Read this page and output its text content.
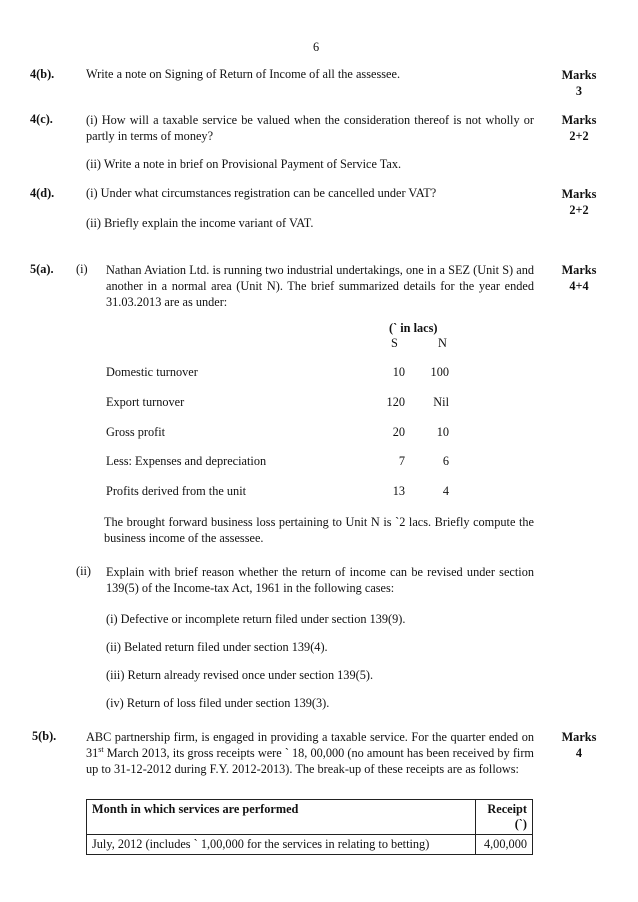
6
4(b).	Write a note on Signing of Return of Income of all the assessee.	Marks
3
4(c).	(i) How will a taxable service be valued when the consideration thereof is not wholly or partly in terms of money?
(ii) Write a note in brief on Provisional Payment of Service Tax.
Marks
2+2
4(d).	(i) Under what circumstances registration can be cancelled under VAT?
(ii) Briefly explain the income variant of VAT.
Marks
2+2
5(a). (i) Nathan Aviation Ltd. is running two industrial undertakings, one in a SEZ (Unit S) and another in a normal area (Unit N). The brief summarized details for the year ended 31.03.2013 are as under:
Marks
4+4
(` in lacs)
S	N
Domestic turnover	10	100
Export turnover	120	Nil
Gross profit	20	10
Less: Expenses and depreciation	7	6
Profits derived from the unit	13	4
The brought forward business loss pertaining to Unit N is `2 lacs. Briefly compute the business income of the assessee.
(ii) Explain with brief reason whether the return of income can be revised under section 139(5) of the Income-tax Act, 1961 in the following cases:
(i) Defective or incomplete return filed under section 139(9).
(ii) Belated return filed under section 139(4).
(iii) Return already revised once under section 139(5).
(iv) Return of loss filed under section 139(3).
5(b). ABC partnership firm, is engaged in providing a taxable service. For the quarter ended on 31st March 2013, its gross receipts were ` 18, 00,000 (no amount has been received by firm up to 31-12-2012 during F.Y. 2012-2013). The break-up of these receipts are as follows:
Marks
4
Month in which services are performed	Receipt
(`)

July, 2012 (includes ` 1,00,000 for the services in relating to betting)	4,00,000
